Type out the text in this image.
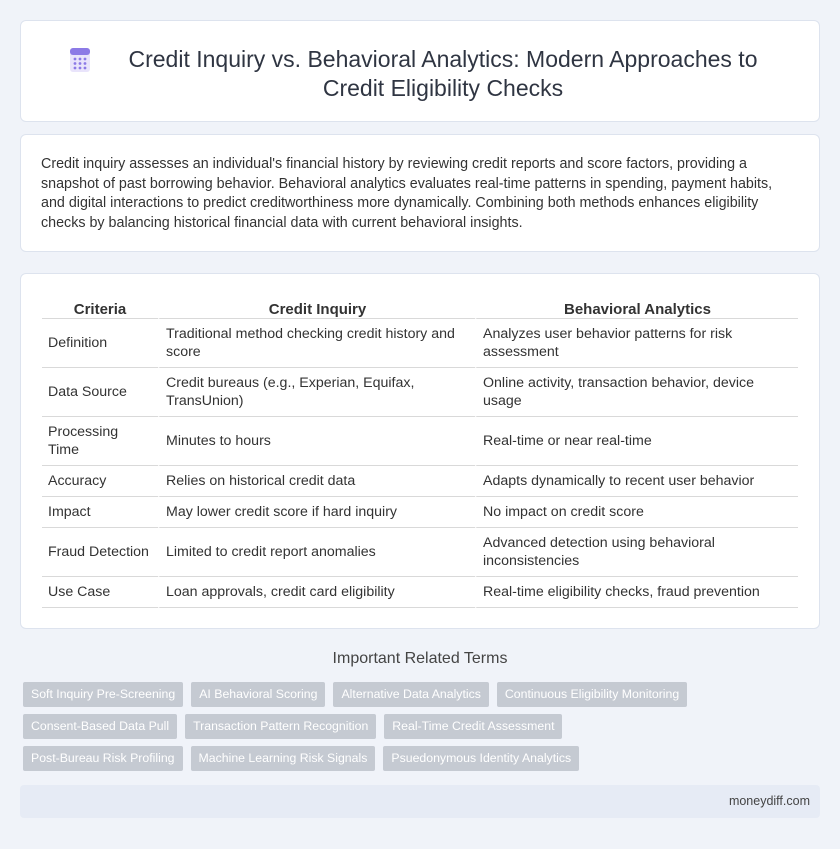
Credit Inquiry vs. Behavioral Analytics: Modern Approaches to Credit Eligibility Checks

Credit inquiry assesses an individual's financial history by reviewing credit reports and score factors, providing a snapshot of past borrowing behavior. Behavioral analytics evaluates real-time patterns in spending, payment habits, and digital interactions to predict creditworthiness more dynamically. Combining both methods enhances eligibility checks by balancing historical financial data with current behavioral insights.

Criteria	Credit Inquiry	Behavioral Analytics
Definition	Traditional method checking credit history and score	Analyzes user behavior patterns for risk assessment
Data Source	Credit bureaus (e.g., Experian, Equifax, TransUnion)	Online activity, transaction behavior, device usage
Processing Time	Minutes to hours	Real-time or near real-time
Accuracy	Relies on historical credit data	Adapts dynamically to recent user behavior
Impact	May lower credit score if hard inquiry	No impact on credit score
Fraud Detection	Limited to credit report anomalies	Advanced detection using behavioral inconsistencies
Use Case	Loan approvals, credit card eligibility	Real-time eligibility checks, fraud prevention
Important Related Terms
Soft Inquiry Pre-Screening	AI Behavioral Scoring	Alternative Data Analytics	Continuous Eligibility Monitoring
Consent-Based Data Pull	Transaction Pattern Recognition	Real-Time Credit Assessment
Post-Bureau Risk Profiling	Machine Learning Risk Signals	Psuedonymous Identity Analytics
moneydiff.com
